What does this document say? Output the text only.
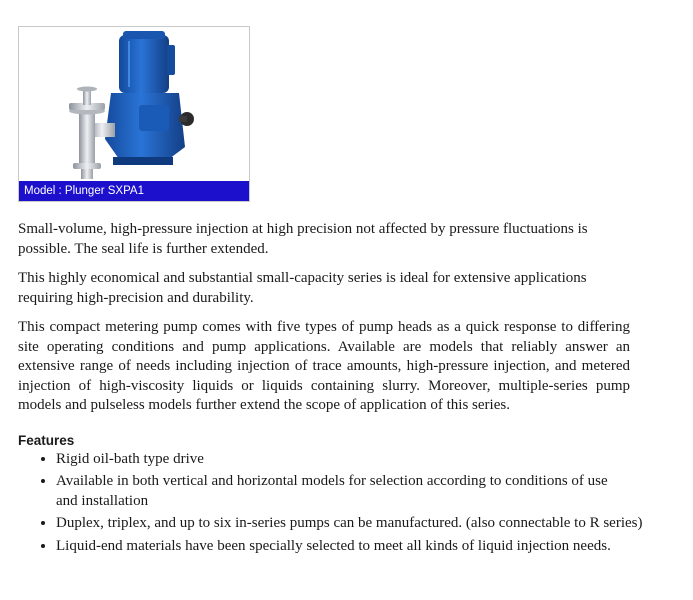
Model : Plunger SXPA1

Small-volume, high-pressure injection at high precision not affected by pressure fluctuations is possible. The seal life is further extended.

This highly economical and substantial small-capacity series is ideal for extensive applications requiring high-precision and durability.

This compact metering pump comes with five types of pump heads as a quick response to differing site operating conditions and pump applications. Available are models that reliably answer an extensive range of needs including injection of trace amounts, high-pressure injection, and metered injection of high-viscosity liquids or liquids containing slurry. Moreover, multiple-series pump models and pulseless models further extend the scope of application of this series.

Features
• Rigid oil-bath type drive
• Available in both vertical and horizontal models for selection according to conditions of use and installation
• Duplex, triplex, and up to six in-series pumps can be manufactured. (also connectable to R series)
• Liquid-end materials have been specially selected to meet all kinds of liquid injection needs.
